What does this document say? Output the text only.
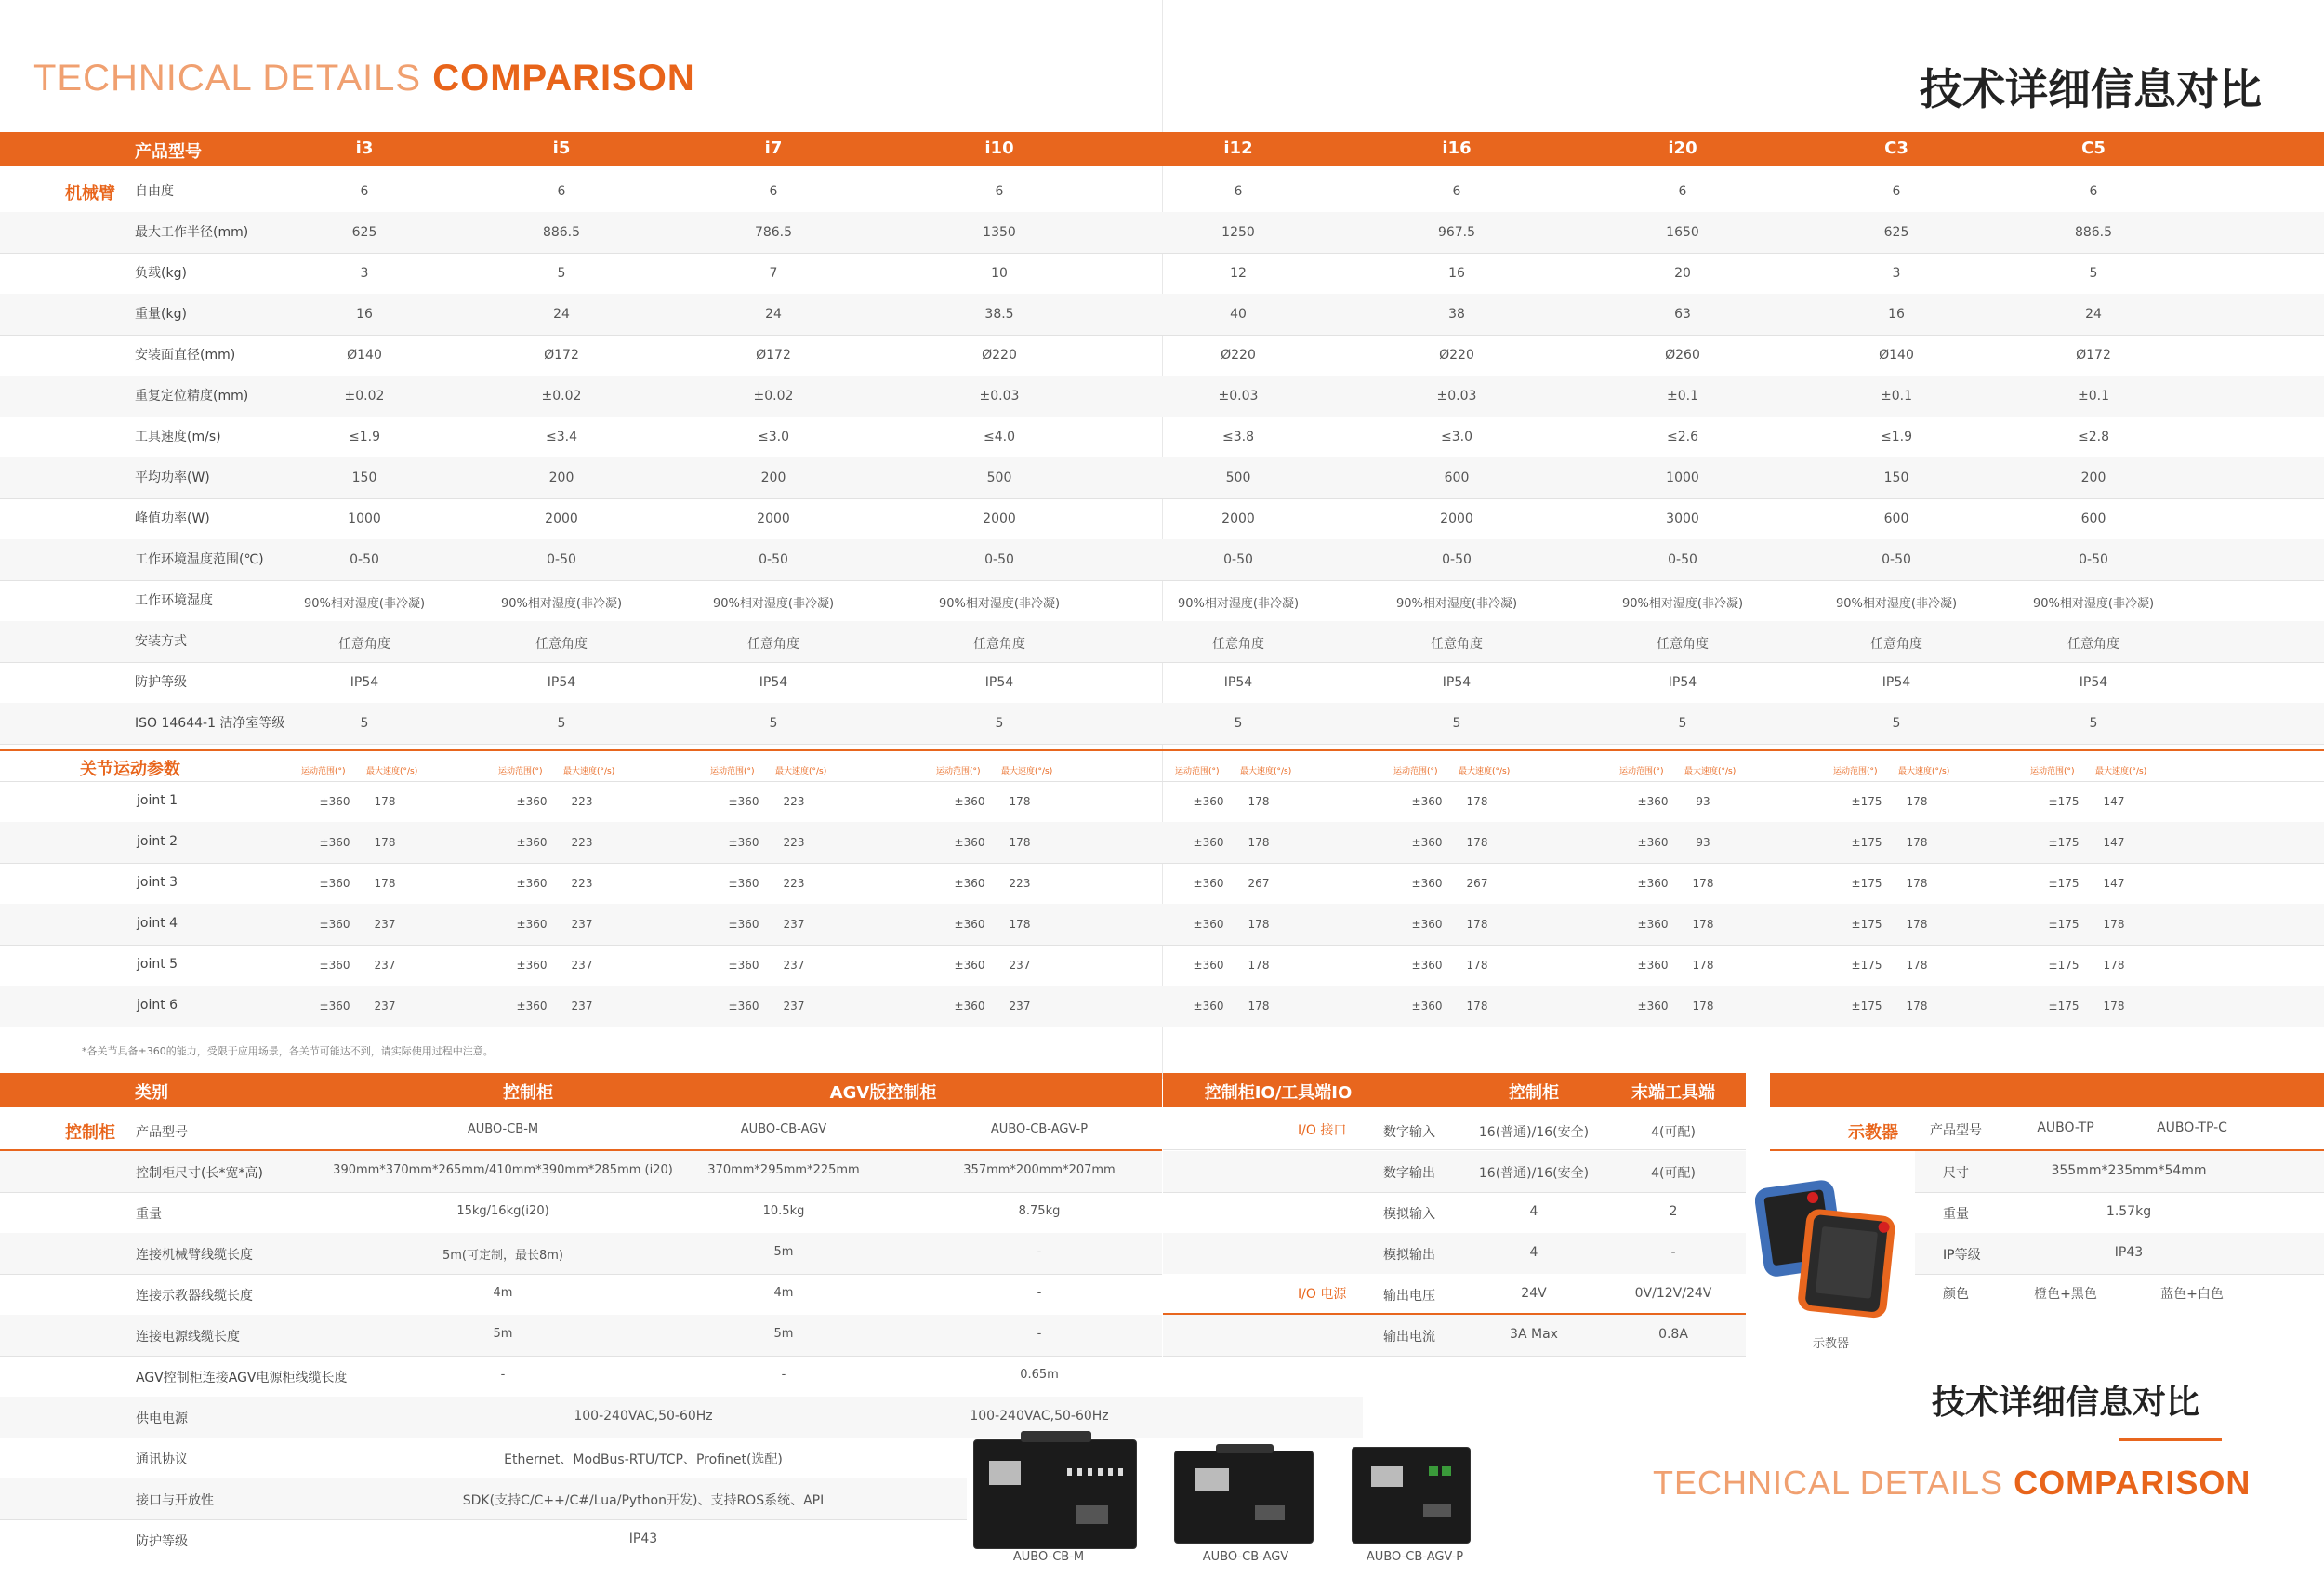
TECHNICAL DETAILS COMPARISON	技术详细信息对比
产品型号	i3	i5	i7	i10	i12	i16	i20	C3	C5
自由度	6	6	6	6	6	6	6	6	6
最大工作半径(mm)	625	886.5	786.5	1350	1250	967.5	1650	625	886.5
负载(kg)	3	5	7	10	12	16	20	3	5
重量(kg)	16	24	24	38.5	40	38	63	16	24
安装面直径(mm)	Ø140	Ø172	Ø172	Ø220	Ø220	Ø220	Ø260	Ø140	Ø172
重复定位精度(mm)	±0.02	±0.02	±0.02	±0.03	±0.03	±0.03	±0.1	±0.1	±0.1
工具速度(m/s)	≤1.9	≤3.4	≤3.0	≤4.0	≤3.8	≤3.0	≤2.6	≤1.9	≤2.8
平均功率(W)	150	200	200	500	500	600	1000	150	200
峰值功率(W)	1000	2000	2000	2000	2000	2000	3000	600	600
工作环境温度范围(℃)	0-50	0-50	0-50	0-50	0-50	0-50	0-50	0-50	0-50
工作环境湿度	90%相对湿度(非冷凝)	90%相对湿度(非冷凝)	90%相对湿度(非冷凝)	90%相对湿度(非冷凝)	90%相对湿度(非冷凝)	90%相对湿度(非冷凝)	90%相对湿度(非冷凝)	90%相对湿度(非冷凝)	90%相对湿度(非冷凝)
安装方式	任意角度	任意角度	任意角度	任意角度	任意角度	任意角度	任意角度	任意角度	任意角度
防护等级	IP54	IP54	IP54	IP54	IP54	IP54	IP54	IP54	IP54
ISO 14644-1 洁净室等级	5	5	5	5	5	5	5	5	5
机械臂
关节运动参数	运动范围(°) 最大速度(°/s)	运动范围(°) 最大速度(°/s)	运动范围(°) 最大速度(°/s)	运动范围(°) 最大速度(°/s)	运动范围(°) 最大速度(°/s)	运动范围(°) 最大速度(°/s)	运动范围(°) 最大速度(°/s)	运动范围(°) 最大速度(°/s)	运动范围(°) 最大速度(°/s)
joint 1	±360 178	±360 223	±360 223	±360 178	±360 178	±360 178	±360 93	±175 178	±175 147
joint 2	±360 178	±360 223	±360 223	±360 178	±360 178	±360 178	±360 93	±175 178	±175 147
joint 3	±360 178	±360 223	±360 223	±360 223	±360 267	±360 267	±360 178	±175 178	±175 147
joint 4	±360 237	±360 237	±360 237	±360 178	±360 178	±360 178	±360 178	±175 178	±175 178
joint 5	±360 237	±360 237	±360 237	±360 237	±360 178	±360 178	±360 178	±175 178	±175 178
joint 6	±360 237	±360 237	±360 237	±360 237	±360 178	±360 178	±360 178	±175 178	±175 178
*各关节具备±360的能力，受限于应用场景，各关节可能达不到，请实际使用过程中注意。
类别	控制柜	AGV版控制柜
控制柜 产品型号	AUBO-CB-M	AUBO-CB-AGV	AUBO-CB-AGV-P
控制柜尺寸(长*宽*高)	390mm*370mm*265mm/410mm*390mm*285mm (i20)	370mm*295mm*225mm	357mm*200mm*207mm
重量	15kg/16kg(i20)	10.5kg	8.75kg
连接机械臂线缆长度	5m(可定制，最长8m)	5m	-
连接示教器线缆长度	4m	4m	-
连接电源线缆长度	5m	5m	-
AGV控制柜连接AGV电源柜线缆长度	-	-	0.65m
供电电源	100-240VAC,50-60Hz	100-240VAC,50-60Hz
通讯协议	Ethernet、ModBus-RTU/TCP、Profinet(选配)
接口与开放性	SDK(支持C/C++/C#/Lua/Python开发)、支持ROS系统、API
防护等级	IP43
控制柜IO/工具端IO	控制柜	末端工具端
数字输入	16(普通)/16(安全)	4(可配)
数字输出	16(普通)/16(安全)	4(可配)
模拟输入	4	2
模拟输出	4	-
输出电压	24V	0V/12V/24V
输出电流	3A Max	0.8A
I/O 接口
I/O 电源
示教器 产品型号	AUBO-TP	AUBO-TP-C
尺寸	355mm*235mm*54mm
重量	1.57kg
IP等级	IP43
颜色	橙色+黑色	蓝色+白色
示教器
技术详细信息对比
TECHNICAL DETAILS COMPARISON
AUBO-CB-M	AUBO-CB-AGV	AUBO-CB-AGV-P
